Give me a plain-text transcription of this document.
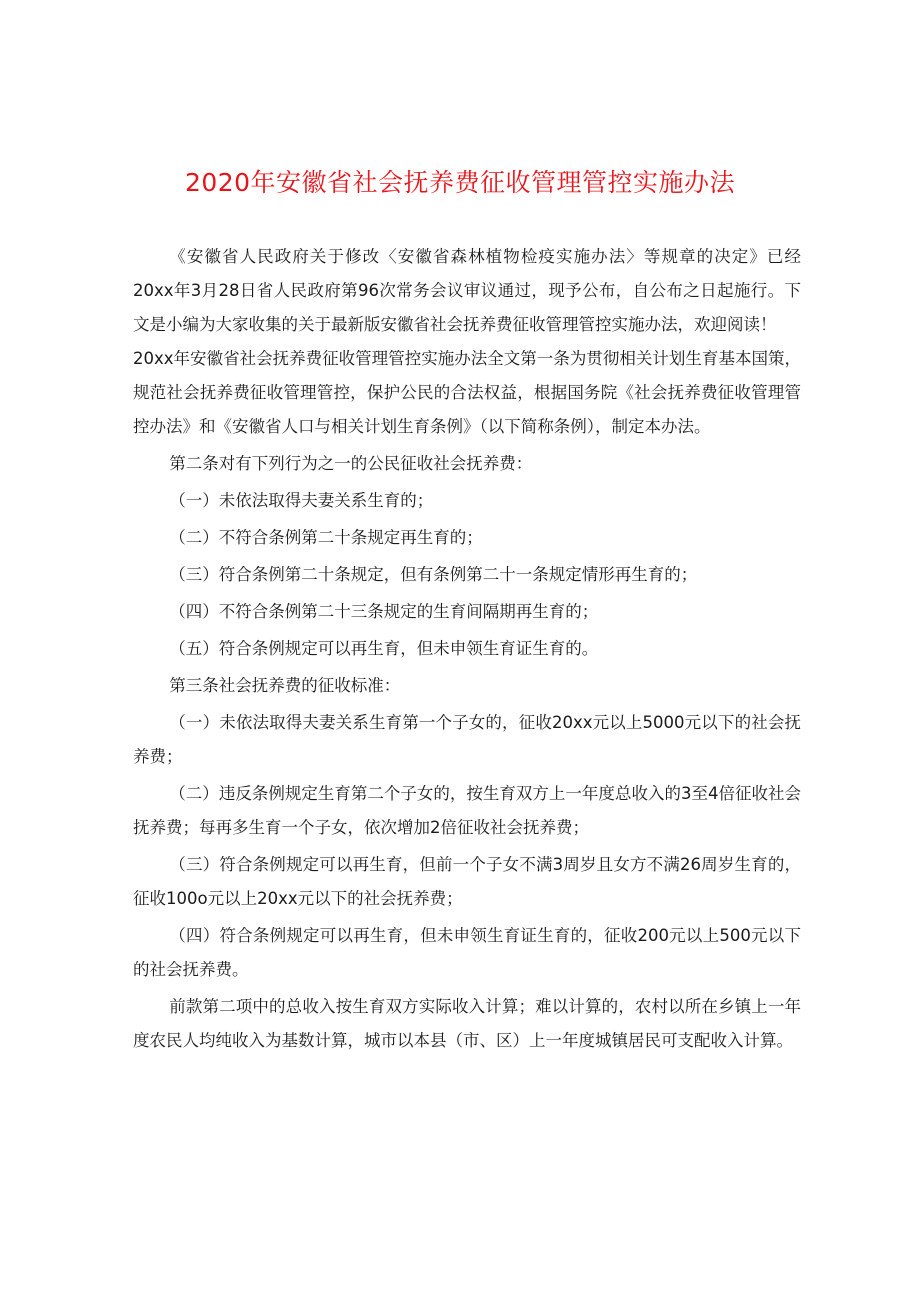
2020年安徽省社会抚养费征收管理管控实施办法

《安徽省人民政府关于修改〈安徽省森林植物检疫实施办法〉等规章的决定》已经20xx年3月28日省人民政府第96次常务会议审议通过，现予公布，自公布之日起施行。下文是小编为大家收集的关于最新版安徽省社会抚养费征收管理管控实施办法，欢迎阅读！

20xx年安徽省社会抚养费征收管理管控实施办法全文第一条为贯彻相关计划生育基本国策，规范社会抚养费征收管理管控，保护公民的合法权益，根据国务院《社会抚养费征收管理管控办法》和《安徽省人口与相关计划生育条例》（以下简称条例），制定本办法。

第二条对有下列行为之一的公民征收社会抚养费：

（一）未依法取得夫妻关系生育的；

（二）不符合条例第二十条规定再生育的；

（三）符合条例第二十条规定，但有条例第二十一条规定情形再生育的；

（四）不符合条例第二十三条规定的生育间隔期再生育的；

（五）符合条例规定可以再生育，但未申领生育证生育的。

第三条社会抚养费的征收标准：

（一）未依法取得夫妻关系生育第一个子女的，征收20xx元以上5000元以下的社会抚养费；

（二）违反条例规定生育第二个子女的，按生育双方上一年度总收入的3至4倍征收社会抚养费；每再多生育一个子女，依次增加2倍征收社会抚养费；

（三）符合条例规定可以再生育，但前一个子女不满3周岁且女方不满26周岁生育的，征收100o元以上20xx元以下的社会抚养费；

（四）符合条例规定可以再生育，但未申领生育证生育的，征收200元以上500元以下的社会抚养费。

前款第二项中的总收入按生育双方实际收入计算；难以计算的，农村以所在乡镇上一年度农民人均纯收入为基数计算，城市以本县（市、区）上一年度城镇居民可支配收入计算。
